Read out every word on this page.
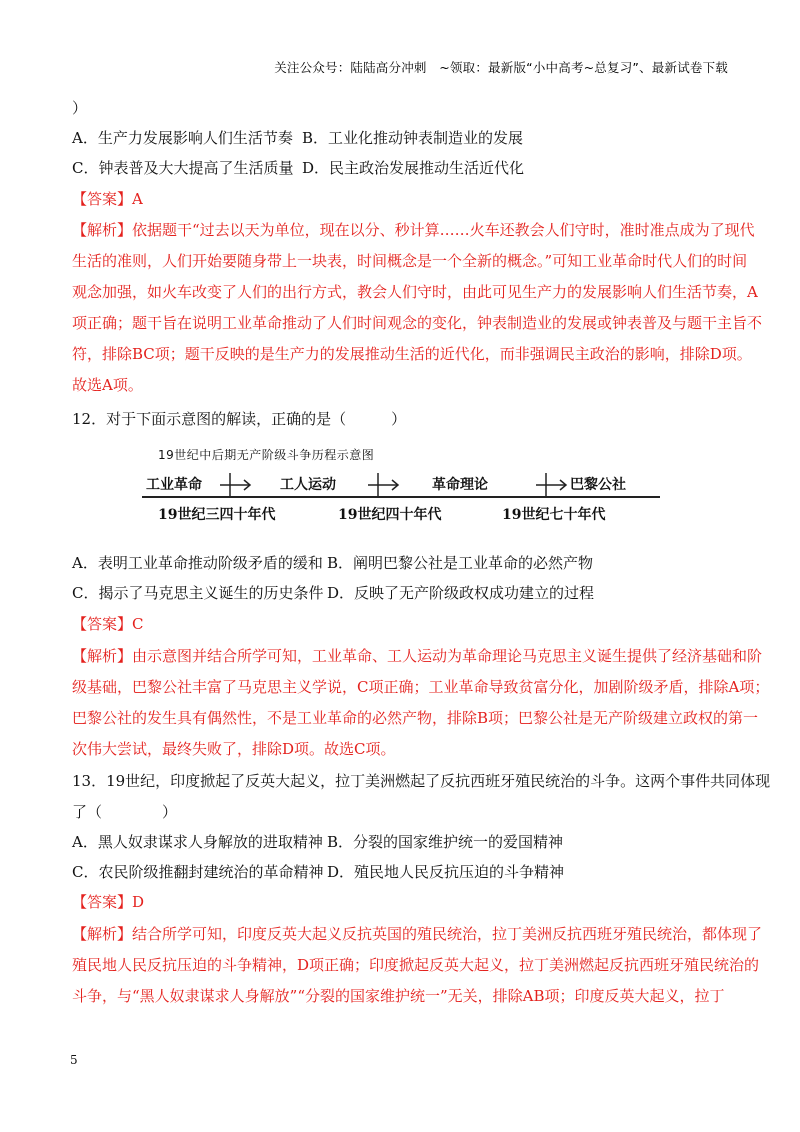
关注公众号：陆陆高分冲刺　~领取：最新版“小中高考~总复习”、最新试卷下载
）
A．生产力发展影响人们生活节奏 B．工业化推动钟表制造业的发展
C．钟表普及大大提高了生活质量 D．民主政治发展推动生活近代化
【答案】A
【解析】依据题干“过去以天为单位，现在以分、秒计算……火车还教会人们守时，准时准点成为了现代
生活的准则，人们开始要随身带上一块表，时间概念是一个全新的概念。”可知工业革命时代人们的时间
观念加强，如火车改变了人们的出行方式，教会人们守时，由此可见生产力的发展影响人们生活节奏，A
项正确；题干旨在说明工业革命推动了人们时间观念的变化，钟表制造业的发展或钟表普及与题干主旨不
符，排除BC项；题干反映的是生产力的发展推动生活的近代化，而非强调民主政治的影响，排除D项。
故选A项。
12．对于下面示意图的解读，正确的是（　　　）
19世纪中后期无产阶级斗争历程示意图
工业革命	工人运动	革命理论	巴黎公社
19世纪三四十年代	19世纪四十年代	19世纪七十年代
A．表明工业革命推动阶级矛盾的缓和 B．阐明巴黎公社是工业革命的必然产物
C．揭示了马克思主义诞生的历史条件 D．反映了无产阶级政权成功建立的过程
【答案】C
【解析】由示意图并结合所学可知，工业革命、工人运动为革命理论马克思主义诞生提供了经济基础和阶
级基础，巴黎公社丰富了马克思主义学说，C项正确；工业革命导致贫富分化，加剧阶级矛盾，排除A项；
巴黎公社的发生具有偶然性，不是工业革命的必然产物，排除B项；巴黎公社是无产阶级建立政权的第一
次伟大尝试，最终失败了，排除D项。故选C项。
13．19世纪，印度掀起了反英大起义，拉丁美洲燃起了反抗西班牙殖民统治的斗争。这两个事件共同体现
了（　　　　）
A．黑人奴隶谋求人身解放的进取精神 B．分裂的国家维护统一的爱国精神
C．农民阶级推翻封建统治的革命精神 D．殖民地人民反抗压迫的斗争精神
【答案】D
【解析】结合所学可知，印度反英大起义反抗英国的殖民统治，拉丁美洲反抗西班牙殖民统治，都体现了
殖民地人民反抗压迫的斗争精神，D项正确；印度掀起反英大起义，拉丁美洲燃起反抗西班牙殖民统治的
斗争，与“黑人奴隶谋求人身解放”“分裂的国家维护统一”无关，排除AB项；印度反英大起义，拉丁
5
